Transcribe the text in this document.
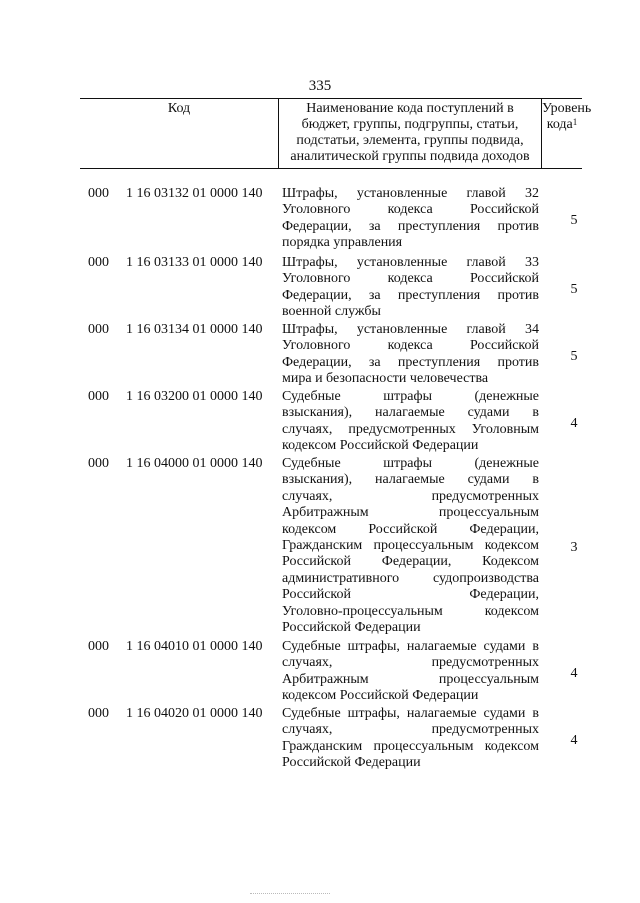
335
Код	Наименование кода поступлений в
бюджет, группы, подгруппы, статьи,
подстатьи, элемента, группы подвида,
аналитической группы подвида доходов
Уровень
кода$^1$
000 1 16 03132 01 0000 140 Штрафы, установленные главой 32
Уголовного кодекса Российской
Федерации, за преступления против
порядка управления
5
000 1 16 03133 01 0000 140 Штрафы, установленные главой 33
Уголовного кодекса Российской
Федерации, за преступления против
военной службы
5
000 1 16 03134 01 0000 140 Штрафы, установленные главой 34
Уголовного кодекса Российской
Федерации, за преступления против
мира и безопасности человечества
5
000 1 16 03200 01 0000 140 Судебные штрафы (денежные
взыскания), налагаемые судами в
случаях, предусмотренных Уголовным
кодексом Российской Федерации
4
000 1 16 04000 01 0000 140 Судебные штрафы (денежные
взыскания), налагаемые судами в
случаях, предусмотренных
Арбитражным процессуальным
кодексом Российской Федерации,
Гражданским процессуальным кодексом
Российской Федерации, Кодексом
административного судопроизводства
Российской Федерации,
Уголовно-процессуальным кодексом
Российской Федерации
3
000 1 16 04010 01 0000 140 Судебные штрафы, налагаемые судами в
случаях, предусмотренных
Арбитражным процессуальным
кодексом Российской Федерации
4
000 1 16 04020 01 0000 140 Судебные штрафы, налагаемые судами в
случаях, предусмотренных
Гражданским процессуальным кодексом
Российской Федерации
4
